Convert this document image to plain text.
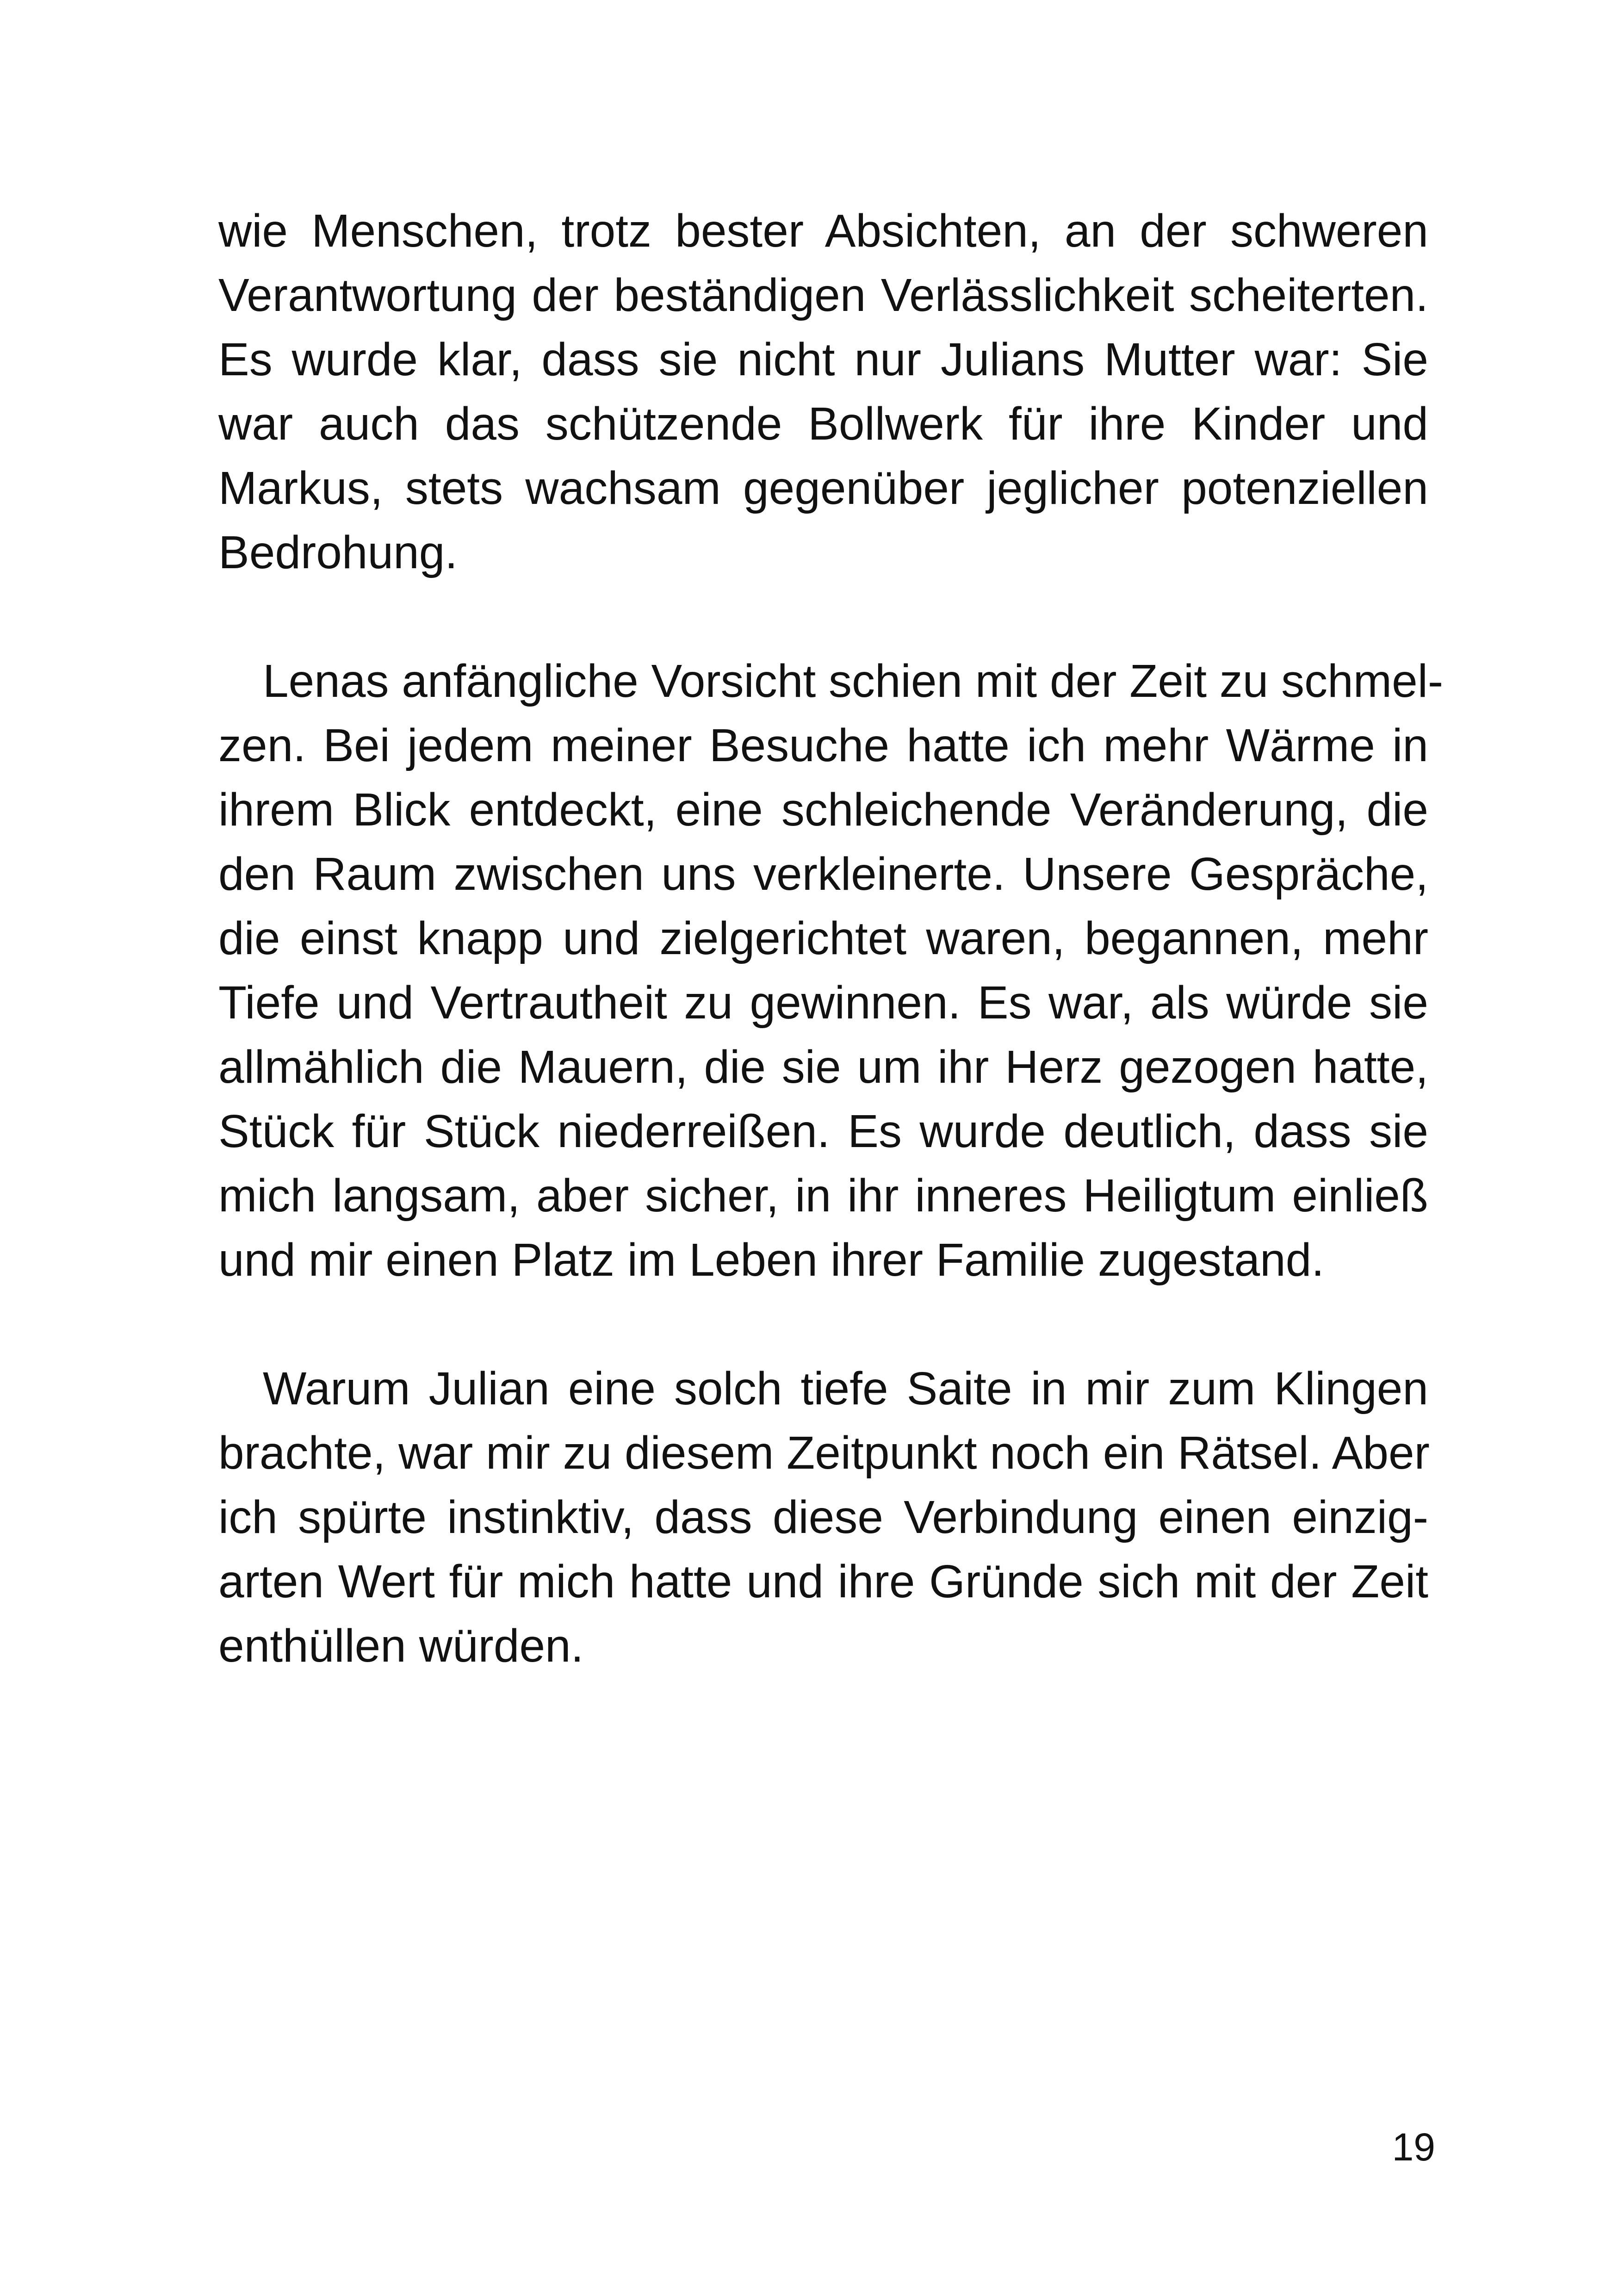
wie Menschen, trotz bester Absichten, an der schweren
Verantwortung der beständigen Verlässlichkeit scheiterten.
Es wurde klar, dass sie nicht nur Julians Mutter war: Sie
war auch das schützende Bollwerk für ihre Kinder und
Markus, stets wachsam gegenüber jeglicher potenziellen
Bedrohung.
Lenas anfängliche Vorsicht schien mit der Zeit zu schmel-
zen. Bei jedem meiner Besuche hatte ich mehr Wärme in
ihrem Blick entdeckt, eine schleichende Veränderung, die
den Raum zwischen uns verkleinerte. Unsere Gespräche,
die einst knapp und zielgerichtet waren, begannen, mehr
Tiefe und Vertrautheit zu gewinnen. Es war, als würde sie
allmählich die Mauern, die sie um ihr Herz gezogen hatte,
Stück für Stück niederreißen. Es wurde deutlich, dass sie
mich langsam, aber sicher, in ihr inneres Heiligtum einließ
und mir einen Platz im Leben ihrer Familie zugestand.
Warum Julian eine solch tiefe Saite in mir zum Klingen
brachte, war mir zu diesem Zeitpunkt noch ein Rätsel. Aber
ich spürte instinktiv, dass diese Verbindung einen einzig-
arten Wert für mich hatte und ihre Gründe sich mit der Zeit
enthüllen würden.
19
